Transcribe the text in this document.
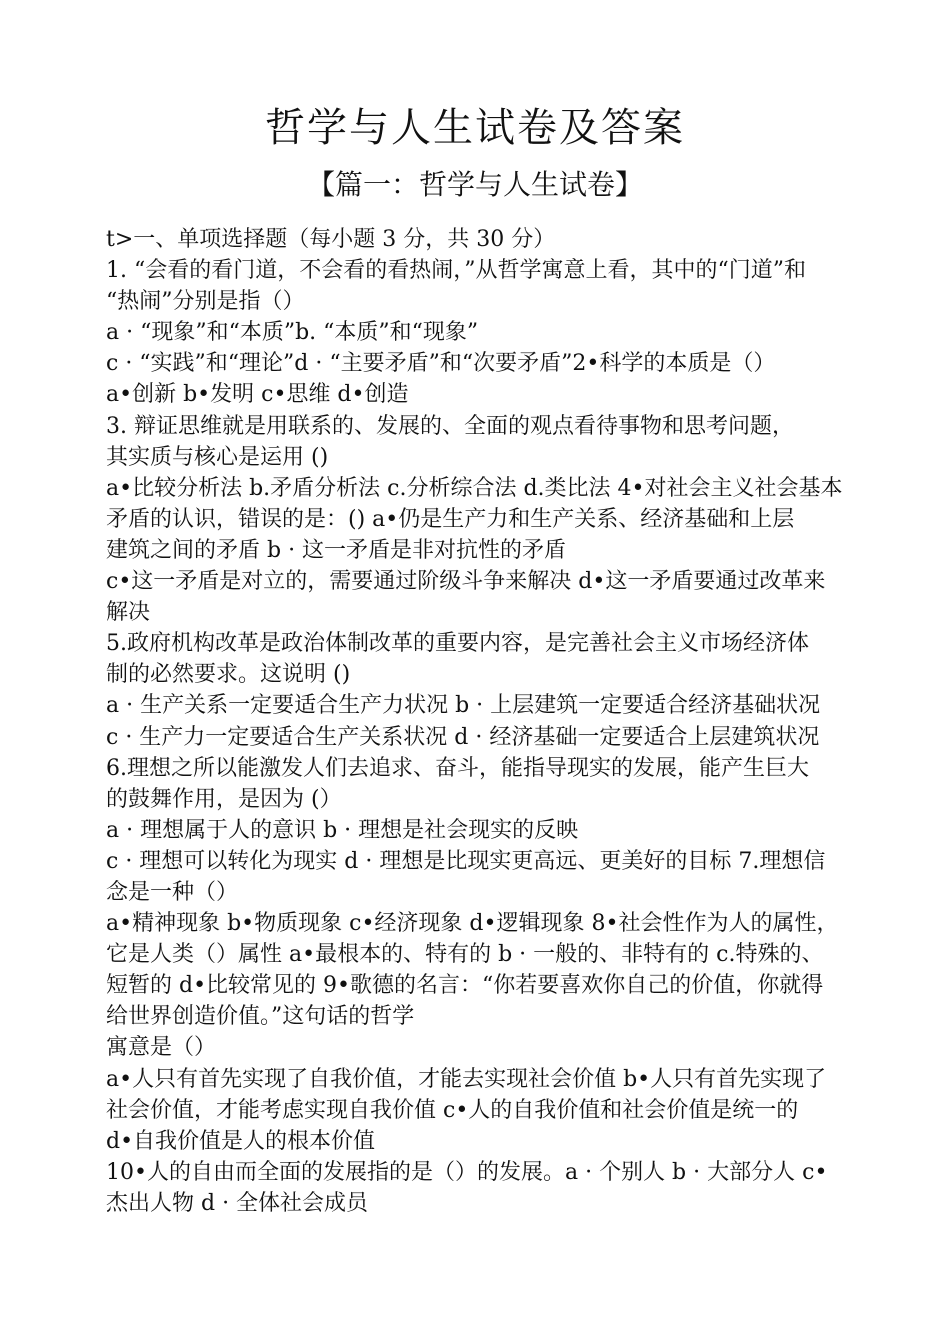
哲学与人生试卷及答案
【篇一：哲学与人生试卷】
t>一、单项选择题（每小题 3 分，共 30 分）
1. “会看的看门道，不会看的看热闹，”从哲学寓意上看，其中的“门道”和
“热闹”分别是指（）
a · “现象”和“本质”b. “本质”和“现象”
c · “实践”和“理论”d · “主要矛盾”和“次要矛盾”2•科学的本质是（）
a•创新 b•发明 c•思维 d•创造
3. 辩证思维就是用联系的、发展的、全面的观点看待事物和思考问题，
其实质与核心是运用 ()
a•比较分析法 b.矛盾分析法 c.分析综合法 d.类比法 4•对社会主义社会基本
矛盾的认识，错误的是：() a•仍是生产力和生产关系、经济基础和上层
建筑之间的矛盾 b · 这一矛盾是非对抗性的矛盾
c•这一矛盾是对立的，需要通过阶级斗争来解决 d•这一矛盾要通过改革来
解决
5.政府机构改革是政治体制改革的重要内容，是完善社会主义市场经济体
制的必然要求。这说明 ()
a · 生产关系一定要适合生产力状况 b · 上层建筑一定要适合经济基础状况
c · 生产力一定要适合生产关系状况 d · 经济基础一定要适合上层建筑状况
6.理想之所以能激发人们去追求、奋斗，能指导现实的发展，能产生巨大
的鼓舞作用，是因为 (）
a · 理想属于人的意识 b · 理想是社会现实的反映
c · 理想可以转化为现实 d · 理想是比现实更高远、更美好的目标 7.理想信
念是一种（）
a•精神现象 b•物质现象 c•经济现象 d•逻辑现象 8•社会性作为人的属性，
它是人类（）属性 a•最根本的、特有的 b · 一般的、非特有的 c.特殊的、
短暂的 d•比较常见的 9•歌德的名言：“你若要喜欢你自己的价值，你就得
给世界创造价值。”这句话的哲学
寓意是（）
a•人只有首先实现了自我价值，才能去实现社会价值 b•人只有首先实现了
社会价值，才能考虑实现自我价值 c•人的自我价值和社会价值是统一的
d•自我价值是人的根本价值
10•人的自由而全面的发展指的是（）的发展。a · 个别人 b · 大部分人 c•
杰出人物 d · 全体社会成员
